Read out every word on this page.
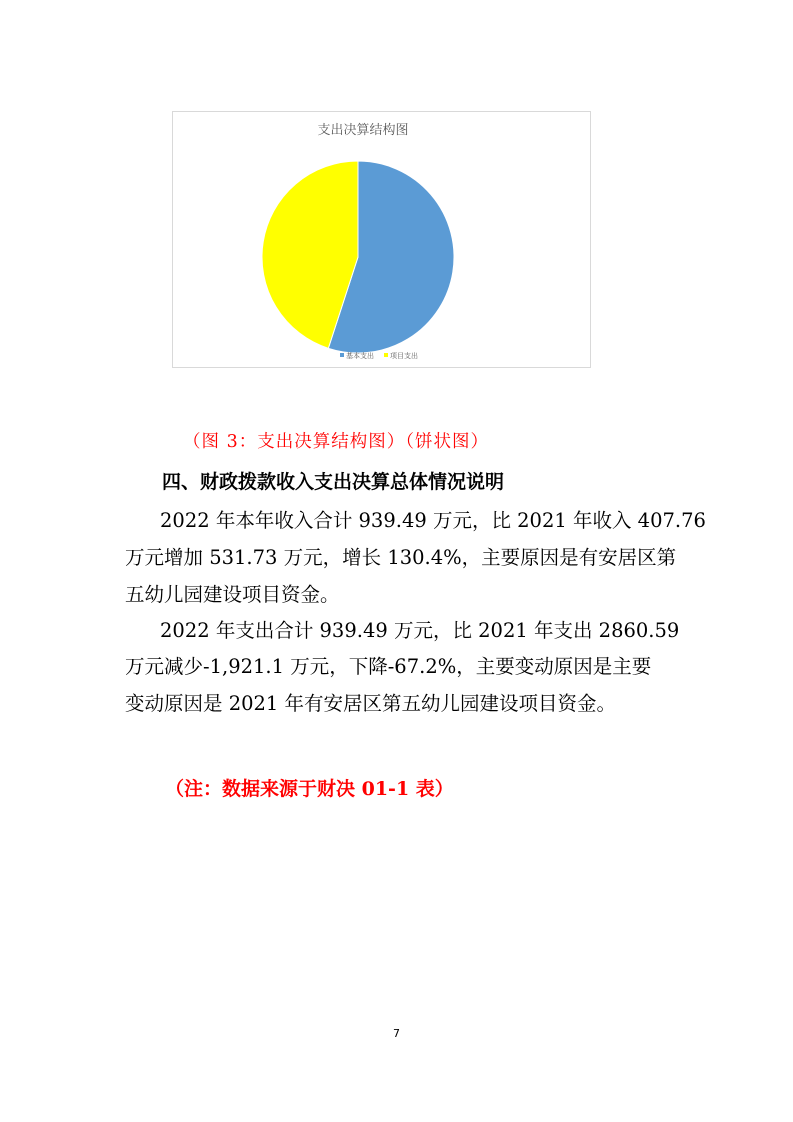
支出决算结构图
基本支出 项目支出
（图 3：支出决算结构图）（饼状图）
四、财政拨款收入支出决算总体情况说明
2022 年本年收入合计 939.49 万元，比 2021 年收入 407.76
万元增加 531.73 万元，增长 130.4%，主要原因是有安居区第
五幼儿园建设项目资金。
2022 年支出合计 939.49 万元，比 2021 年支出 2860.59
万元减少-1,921.1 万元，下降-67.2%，主要变动原因是主要
变动原因是 2021 年有安居区第五幼儿园建设项目资金。
（注：数据来源于财决 01-1 表）
7
